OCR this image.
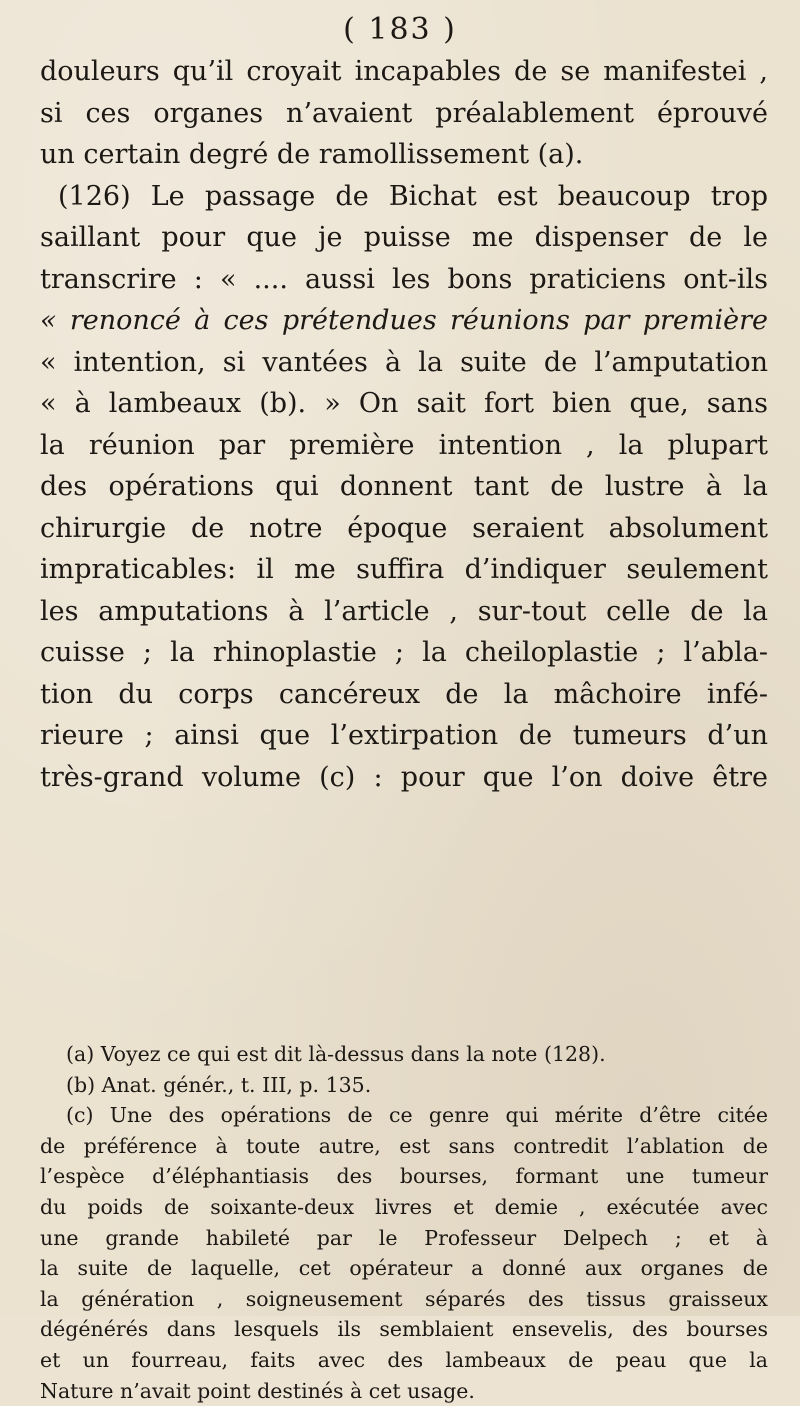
( 183 )
douleurs qu’il croyait incapables de se manifestei ,
si ces organes n’avaient préalablement éprouvé
un certain degré de ramollissement (a).
(126) Le passage de Bichat est beaucoup trop
saillant pour que je puisse me dispenser de le
transcrire : « .... aussi les bons praticiens ont-ils
« renoncé à ces prétendues réunions par première
« intention, si vantées à la suite de l’amputation
« à lambeaux (b). » On sait fort bien que, sans
la réunion par première intention , la plupart
des opérations qui donnent tant de lustre à la
chirurgie de notre époque seraient absolument
impraticables: il me suffira d’indiquer seulement
les amputations à l’article , sur-tout celle de la
cuisse ; la rhinoplastie ; la cheiloplastie ; l’abla-
tion du corps cancéreux de la mâchoire infé-
rieure ; ainsi que l’extirpation de tumeurs d’un
très-grand volume (c) : pour que l’on doive être
(a) Voyez ce qui est dit là-dessus dans la note (128).
(b) Anat. génér., t. III, p. 135.
(c) Une des opérations de ce genre qui mérite d’être citée
de préférence à toute autre, est sans contredit l’ablation de
l’espèce d’éléphantiasis des bourses, formant une tumeur
du poids de soixante-deux livres et demie , exécutée avec
une grande habileté par le Professeur Delpech ; et à
la suite de laquelle, cet opérateur a donné aux organes de
la génération , soigneusement séparés des tissus graisseux
dégénérés dans lesquels ils semblaient ensevelis, des bourses
et un fourreau, faits avec des lambeaux de peau que la
Nature n’avait point destinés à cet usage.
